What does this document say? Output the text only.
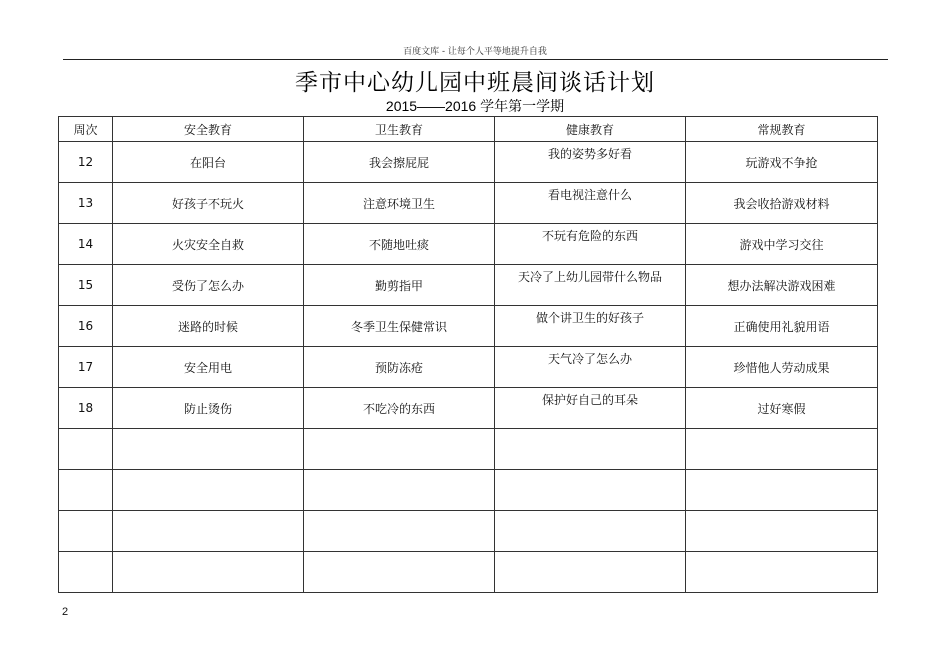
百度文库 - 让每个人平等地提升自我
季市中心幼儿园中班晨间谈话计划
2015——2016 学年第一学期
周次	安全教育	卫生教育	健康教育	常规教育
12	在阳台	我会擦屁屁	我的姿势多好看	玩游戏不争抢
13	好孩子不玩火	注意环境卫生	看电视注意什么	我会收拾游戏材料
14	火灾安全自救	不随地吐痰	不玩有危险的东西	游戏中学习交往
15	受伤了怎么办	勤剪指甲	天冷了上幼儿园带什么物品	想办法解决游戏困难
16	迷路的时候	冬季卫生保健常识	做个讲卫生的好孩子	正确使用礼貌用语
17	安全用电	预防冻疮	天气冷了怎么办	珍惜他人劳动成果
18	防止烫伤	不吃冷的东西	保护好自己的耳朵	过好寒假

2
